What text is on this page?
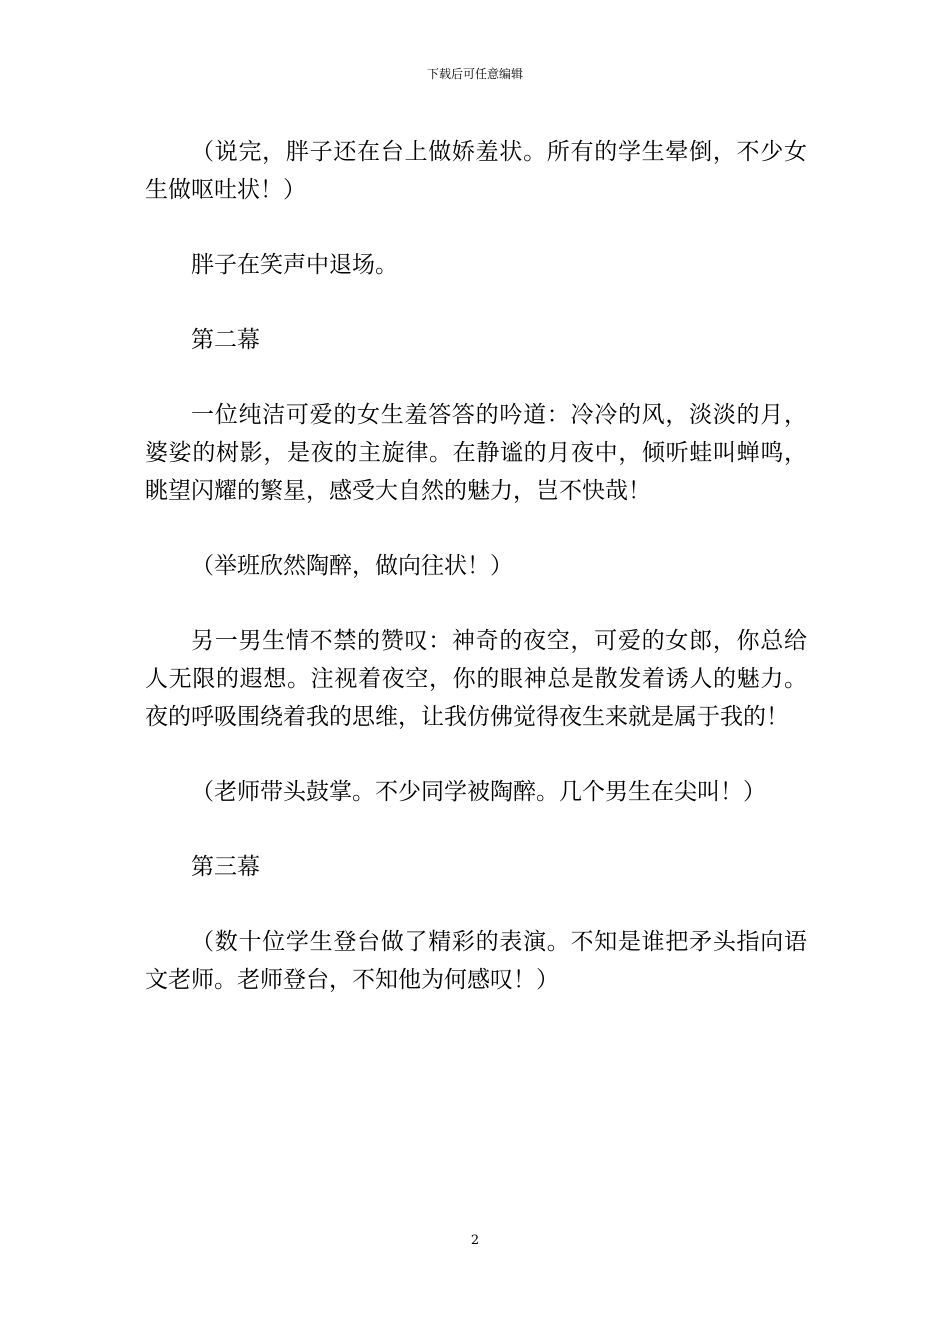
下载后可任意编辑

（说完，胖子还在台上做娇羞状。所有的学生晕倒，不少女生做呕吐状！）

胖子在笑声中退场。

第二幕

一位纯洁可爱的女生羞答答的吟道：冷冷的风，淡淡的月，婆娑的树影，是夜的主旋律。在静谧的月夜中，倾听蛙叫蝉鸣，眺望闪耀的繁星，感受大自然的魅力，岂不快哉！

（举班欣然陶醉，做向往状！）

另一男生情不禁的赞叹：神奇的夜空，可爱的女郎，你总给人无限的遐想。注视着夜空，你的眼神总是散发着诱人的魅力。夜的呼吸围绕着我的思维，让我仿佛觉得夜生来就是属于我的！

（老师带头鼓掌。不少同学被陶醉。几个男生在尖叫！）

第三幕

（数十位学生登台做了精彩的表演。不知是谁把矛头指向语文老师。老师登台，不知他为何感叹！）

2
